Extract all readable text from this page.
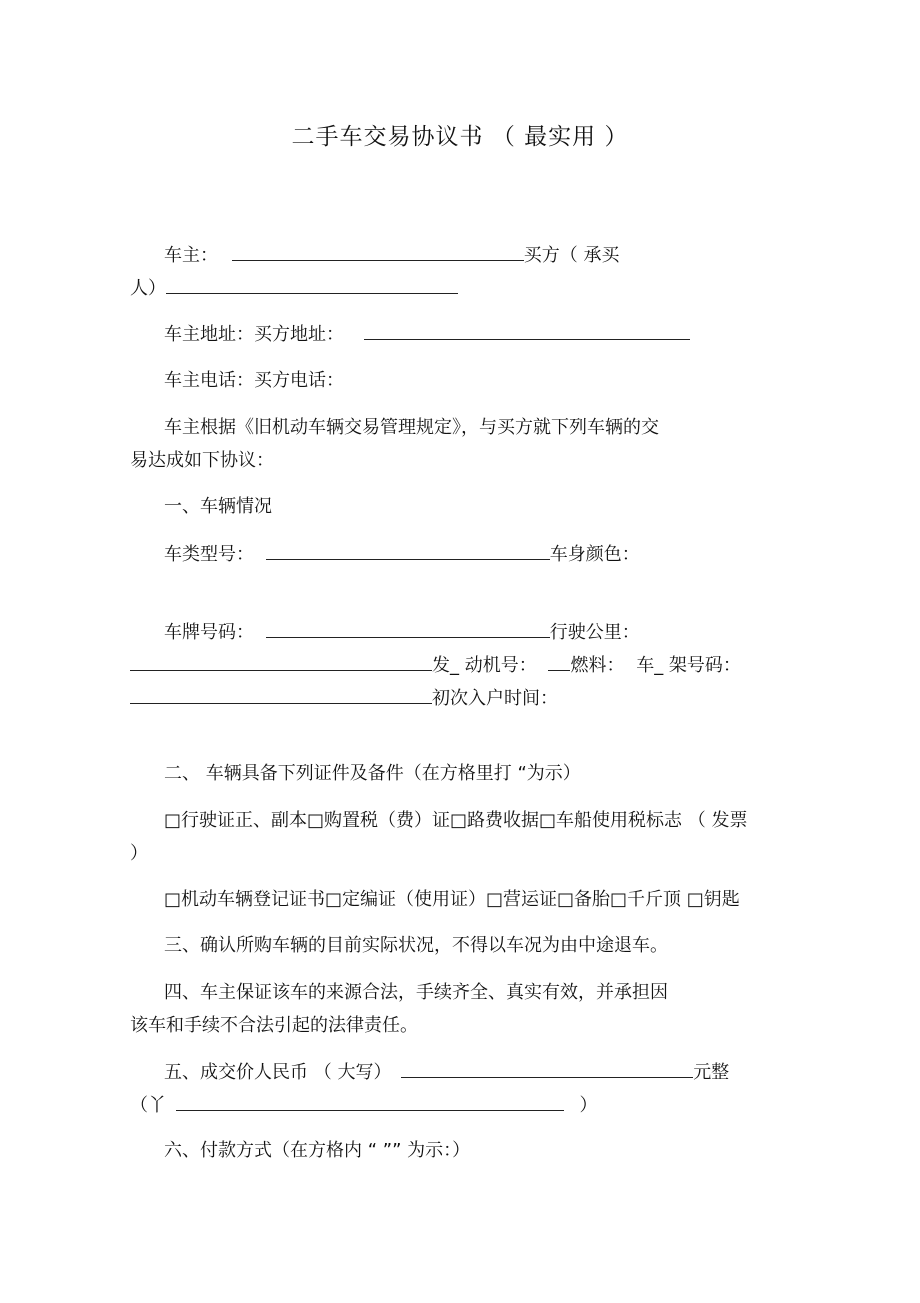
二手车交易协议书 （ 最实用 ）
车主：	买方（ 承买
人）
车主地址：买方地址：
车主电话：买方电话：
车主根据《旧机动车辆交易管理规定》，与买方就下列车辆的交
易达成如下协议：
一、车辆情况
车类型号：	车身颜色：
车牌号码：	行驶公里：
发_ 动机号： 燃料： 车_ 架号码：
初次入户时间：
二、 车辆具备下列证件及备件（在方格里打 “为示）
□行驶证正、副本□购置税（费）证□路费收据□车船使用税标志 （ 发票
）
□机动车辆登记证书□定编证（使用证）□营运证□备胎□千斤顶 □钥匙
三、确认所购车辆的目前实际状况，不得以车况为由中途退车。
四、车主保证该车的来源合法，手续齐全、真实有效，并承担因
该车和手续不合法引起的法律责任。
五、成交价人民币 （ 大写）	元整
（丫	）
六、付款方式（在方格内 “ ”” 为示：）
